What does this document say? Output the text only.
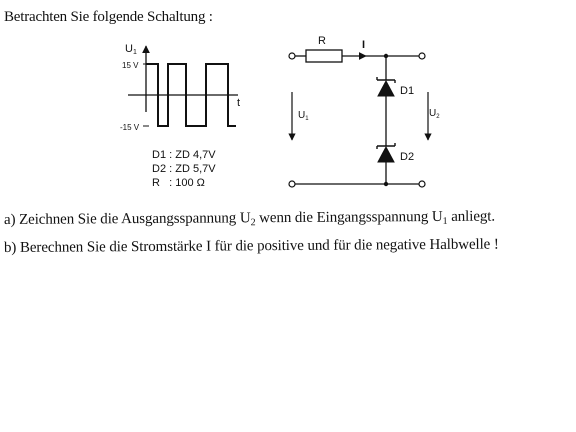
Betrachten Sie folgende Schaltung :
U1
t
15 V
-15 V
D1 : ZD 4,7V
D2 : ZD 5,7V
R   : 100 Ω
R	I
$U_1$	$U_2$
D1
D2
a) Zeichnen Sie die Ausgangsspannung $U_2$ wenn die Eingangsspannung $U_1$ anliegt.
b) Berechnen Sie die Stromstärke I für die positive und für die negative Halbwelle !
